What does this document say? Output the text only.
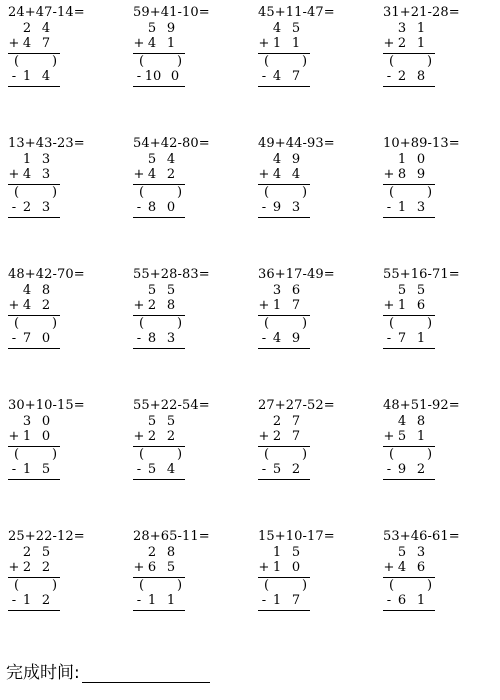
24+47-14=
2 4
+ 4 7
(	)
- 1 4
59+41-10=
5 9
+ 4 1
(	)
- 10 0
45+11-47=
4 5
+ 1 1
(	)
- 4 7
31+21-28=
3 1
+ 2 1
(	)
- 2 8
13+43-23=
1 3
+ 4 3
(	)
- 2 3
54+42-80=
5 4
+ 4 2
(	)
- 8 0
49+44-93=
4 9
+ 4 4
(	)
- 9 3
10+89-13=
1 0
+ 8 9
(	)
- 1 3
48+42-70=
4 8
+ 4 2
(	)
- 7 0
55+28-83=
5 5
+ 2 8
(	)
- 8 3
36+17-49=
3 6
+ 1 7
(	)
- 4 9
55+16-71=
5 5
+ 1 6
(	)
- 7 1
30+10-15=
3 0
+ 1 0
(	)
- 1 5
55+22-54=
5 5
+ 2 2
(	)
- 5 4
27+27-52=
2 7
+ 2 7
(	)
- 5 2
48+51-92=
4 8
+ 5 1
(	)
- 9 2
25+22-12=
2 5
+ 2 2
(	)
- 1 2
28+65-11=
2 8
+ 6 5
(	)
- 1 1
15+10-17=
1 5
+ 1 0
(	)
- 1 7
53+46-61=
5 3
+ 4 6
(	)
- 6 1
完成时间:
